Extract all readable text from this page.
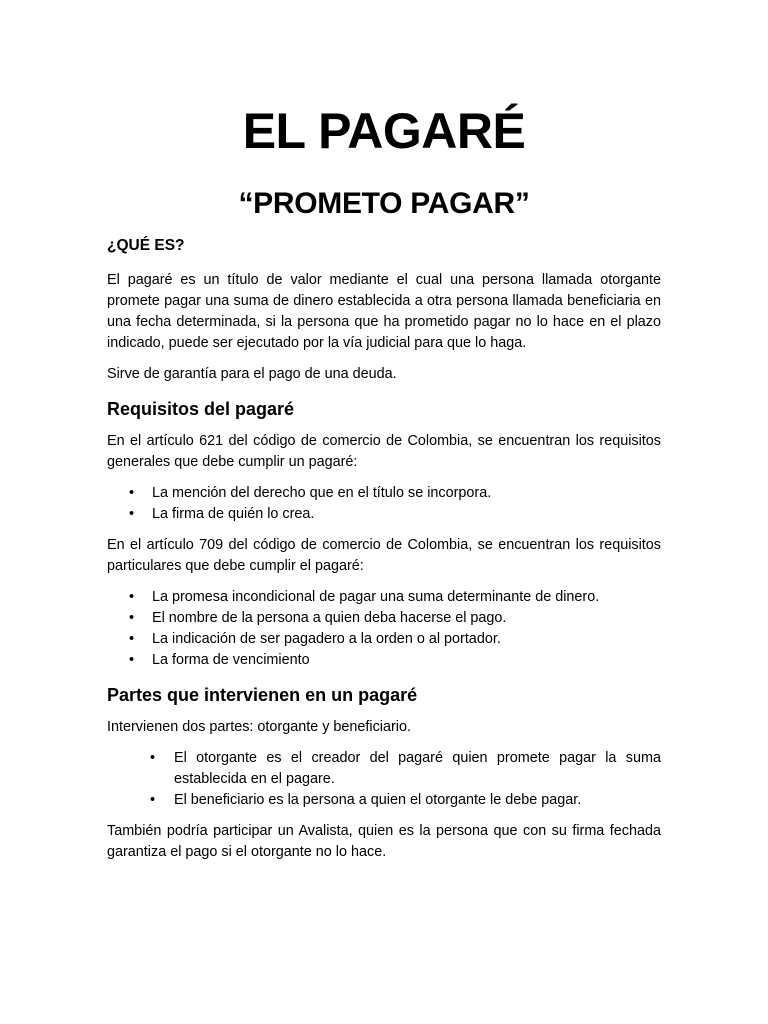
EL PAGARÉ
“PROMETO PAGAR”
¿QUÉ ES?

El pagaré es un título de valor mediante el cual una persona llamada otorgante promete pagar una suma de dinero establecida a otra persona llamada beneficiaria en una fecha determinada, si la persona que ha prometido pagar no lo hace en el plazo indicado, puede ser ejecutado por la vía judicial para que lo haga.

Sirve de garantía para el pago de una deuda.

Requisitos del pagaré

En el artículo 621 del código de comercio de Colombia, se encuentran los requisitos generales que debe cumplir un pagaré:

• La mención del derecho que en el título se incorpora.
• La firma de quién lo crea.

En el artículo 709 del código de comercio de Colombia, se encuentran los requisitos particulares que debe cumplir el pagaré:

• La promesa incondicional de pagar una suma determinante de dinero.
• El nombre de la persona a quien deba hacerse el pago.
• La indicación de ser pagadero a la orden o al portador.
• La forma de vencimiento
Partes que intervienen en un pagaré

Intervienen dos partes: otorgante y beneficiario.

• El otorgante es el creador del pagaré quien promete pagar la suma establecida en el pagare.
• El beneficiario es la persona a quien el otorgante le debe pagar.

También podría participar un Avalista, quien es la persona que con su firma fechada garantiza el pago si el otorgante no lo hace.
